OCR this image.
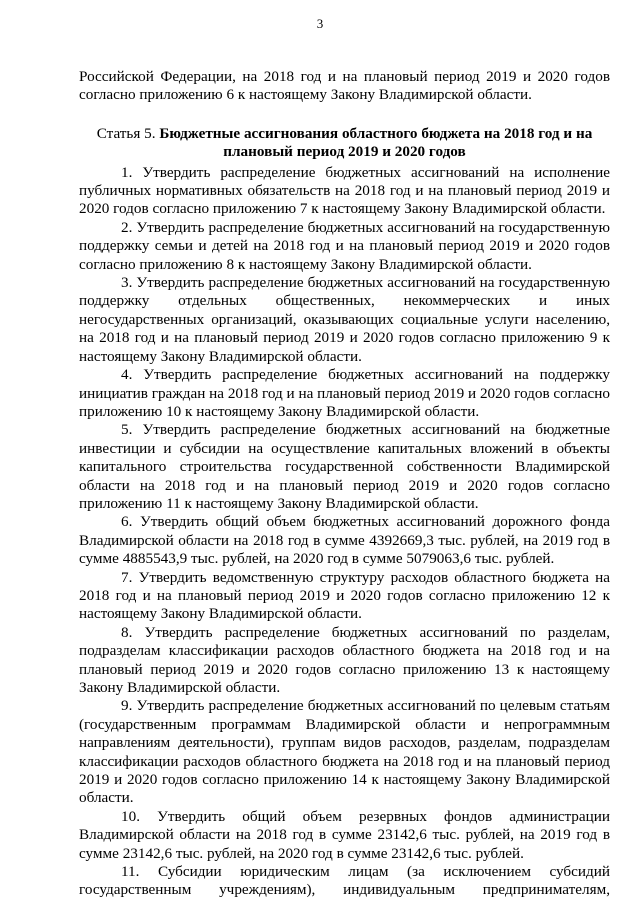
3

Российской Федерации, на 2018 год и на плановый период 2019 и 2020 годов согласно приложению 6 к настоящему Закону Владимирской области.

Статья 5. Бюджетные ассигнования областного бюджета на 2018 год и на плановый период 2019 и 2020 годов

1. Утвердить распределение бюджетных ассигнований на исполнение публичных нормативных обязательств на 2018 год и на плановый период 2019 и 2020 годов согласно приложению 7 к настоящему Закону Владимирской области.

2. Утвердить распределение бюджетных ассигнований на государственную поддержку семьи и детей на 2018 год и на плановый период 2019 и 2020 годов согласно приложению 8 к настоящему Закону Владимирской области.

3. Утвердить распределение бюджетных ассигнований на государственную поддержку отдельных общественных, некоммерческих и иных негосударственных организаций, оказывающих социальные услуги населению, на 2018 год и на плановый период 2019 и 2020 годов согласно приложению 9 к настоящему Закону Владимирской области.

4. Утвердить распределение бюджетных ассигнований на поддержку инициатив граждан на 2018 год и на плановый период 2019 и 2020 годов согласно приложению 10 к настоящему Закону Владимирской области.

5. Утвердить распределение бюджетных ассигнований на бюджетные инвестиции и субсидии на осуществление капитальных вложений в объекты капитального строительства государственной собственности Владимирской области на 2018 год и на плановый период 2019 и 2020 годов согласно приложению 11 к настоящему Закону Владимирской области.

6. Утвердить общий объем бюджетных ассигнований дорожного фонда Владимирской области на 2018 год в сумме 4392669,3 тыс. рублей, на 2019 год в сумме 4885543,9 тыс. рублей, на 2020 год в сумме 5079063,6 тыс. рублей.

7. Утвердить ведомственную структуру расходов областного бюджета на 2018 год и на плановый период 2019 и 2020 годов согласно приложению 12 к настоящему Закону Владимирской области.

8. Утвердить распределение бюджетных ассигнований по разделам, подразделам классификации расходов областного бюджета на 2018 год и на плановый период 2019 и 2020 годов согласно приложению 13 к настоящему Закону Владимирской области.

9. Утвердить распределение бюджетных ассигнований по целевым статьям (государственным программам Владимирской области и непрограммным направлениям деятельности), группам видов расходов, разделам, подразделам классификации расходов областного бюджета на 2018 год и на плановый период 2019 и 2020 годов согласно приложению 14 к настоящему Закону Владимирской области.

10. Утвердить общий объем резервных фондов администрации Владимирской области на 2018 год в сумме 23142,6 тыс. рублей, на 2019 год в сумме 23142,6 тыс. рублей, на 2020 год в сумме 23142,6 тыс. рублей.

11. Субсидии юридическим лицам (за исключением субсидий государственным учреждениям), индивидуальным предпринимателям,
